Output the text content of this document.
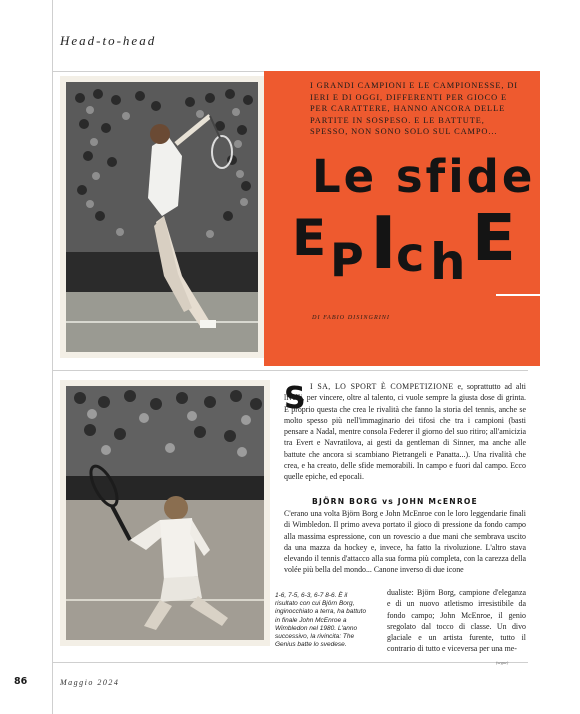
Head-to-head
I GRANDI CAMPIONI E LE CAMPIONESSE, DI IERI E DI OGGI, DIFFERENTI PER GIOCO E PER CARATTERE, HANNO ANCORA DELLE PARTITE IN SOSPESO. E LE BATTUTE, SPESSO, NON SONO SOLO SUL CAMPO...
Le sfide
E P I c h E
DI FABIO DISINGRINI
S I SA, LO SPORT È COMPETIZIONE e, soprattutto ad alti livelli, per vincere, oltre al talento, ci vuole sempre la giusta dose di grinta. È proprio questa che crea le rivalità che fanno la storia del tennis, anche se molto spesso più nell'immaginario dei tifosi che tra i campioni (basti pensare a Nadal, mentre consola Federer il giorno del suo ritiro; all'amicizia tra Evert e Navratilova, ai gesti da gentleman di Sinner, ma anche alle battute che ancora si scambiano Pietrangeli e Panatta...). Una rivalità che crea, e ha creato, delle sfide memorabili. In campo e fuori dal campo. Ecco quelle epiche, ed epocali.
BJÖRN BORG vs JOHN McENROE
C'erano una volta Björn Borg e John McEnroe con le loro leggendarie finali di Wimbledon. Il primo aveva portato il gioco di pressione da fondo campo alla massima espressione, con un rovescio a due mani che sembrava uscito da una mazza da hockey e, invece, ha fatto la rivoluzione. L'altro stava elevando il tennis d'attacco alla sua forma più completa, con la carezza della volée più bella del mondo... Canone inverso di due icone
dualiste: Björn Borg, campione d'eleganza e di un nuovo atletismo irresistibile da fondo campo; John McEnroe, il genio sregolato dal tocco di classe. Un divo glaciale e un artista furente, tutto il contrario di tutto e viceversa per una me-
(segue)
1-6, 7-5, 6-3, 6-7 8-6. È il risultato con cui Björn Borg, inginocchiato a terra, ha battuto in finale John McEnroe a Wimbledon nel 1980. L'anno successivo, la rivincita: The Genius batte lo svedese.
86	Maggio 2024
